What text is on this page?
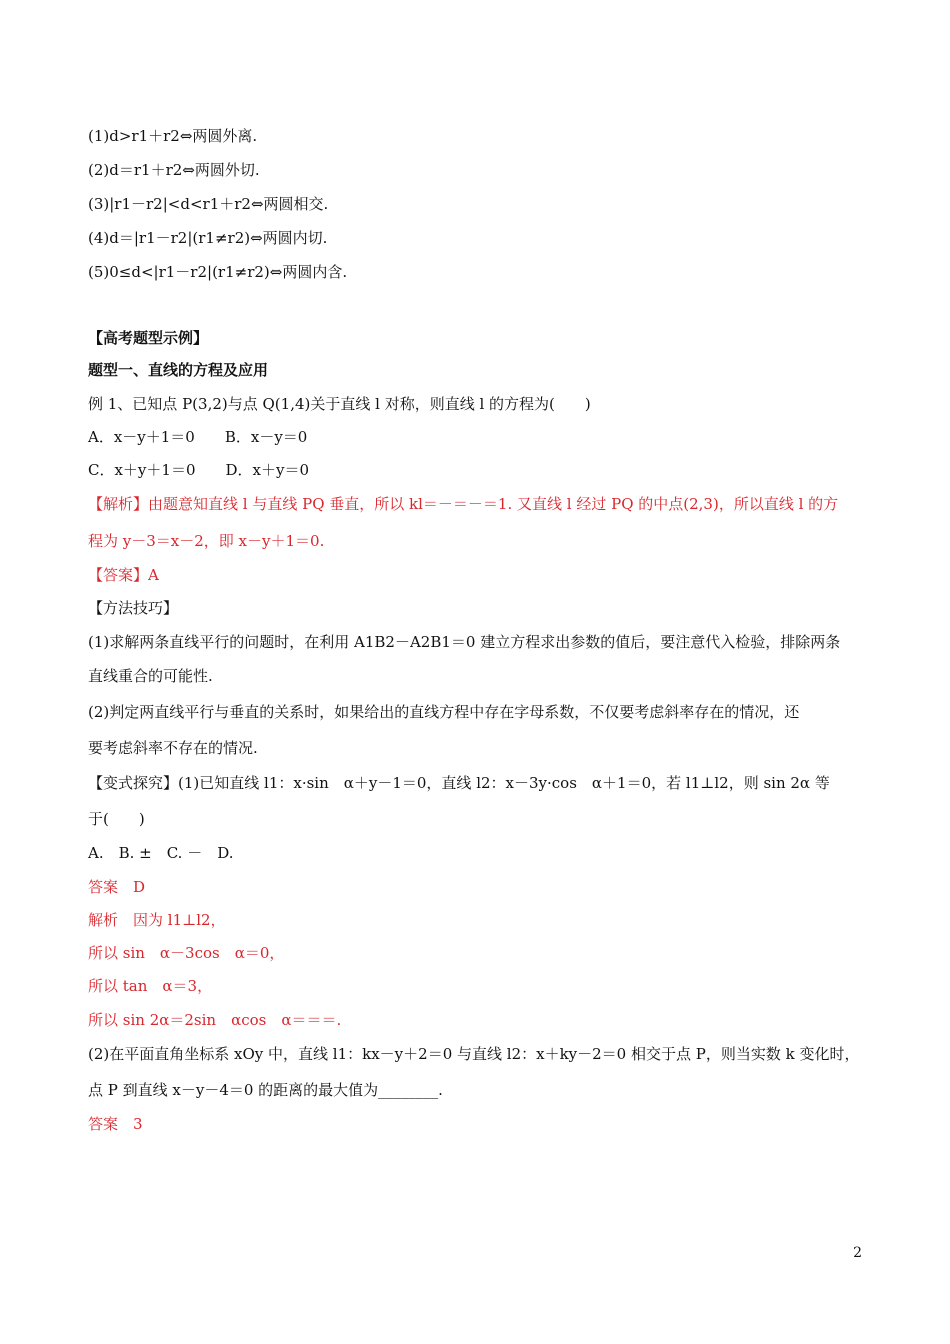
(1)d>r1＋r2⇔两圆外离.
(2)d＝r1＋r2⇔两圆外切.
(3)|r1－r2|<d<r1＋r2⇔两圆相交.
(4)d＝|r1－r2|(r1≠r2)⇔两圆内切.
(5)0≤d<|r1－r2|(r1≠r2)⇔两圆内含.
【高考题型示例】
题型一、直线的方程及应用
例 1、已知点 P(3,2)与点 Q(1,4)关于直线 l 对称，则直线 l 的方程为(　　)
A．x－y＋1＝0　　B．x－y＝0
C．x＋y＋1＝0　　D．x＋y＝0
【解析】由题意知直线 l 与直线 PQ 垂直，所以 kl＝－＝－＝1. 又直线 l 经过 PQ 的中点(2,3)，所以直线 l 的方
程为 y－3＝x－2，即 x－y＋1＝0.
【答案】A
【方法技巧】
(1)求解两条直线平行的问题时，在利用 A1B2－A2B1＝0 建立方程求出参数的值后，要注意代入检验，排除两条
直线重合的可能性.
(2)判定两直线平行与垂直的关系时，如果给出的直线方程中存在字母系数，不仅要考虑斜率存在的情况，还
要考虑斜率不存在的情况.
【变式探究】(1)已知直线 l1：x·sin　α＋y－1＝0，直线 l2：x－3y·cos　α＋1＝0，若 l1⊥l2，则 sin 2α 等
于(　　)
A.　B. ±　C. －　D.
答案　D
解析　因为 l1⊥l2，
所以 sin　α－3cos　α＝0，
所以 tan　α＝3，
所以 sin 2α＝2sin　αcos　α＝＝＝.
(2)在平面直角坐标系 xOy 中，直线 l1：kx－y＋2＝0 与直线 l2：x＋ky－2＝0 相交于点 P，则当实数 k 变化时，
点 P 到直线 x－y－4＝0 的距离的最大值为________.
答案　3
2
